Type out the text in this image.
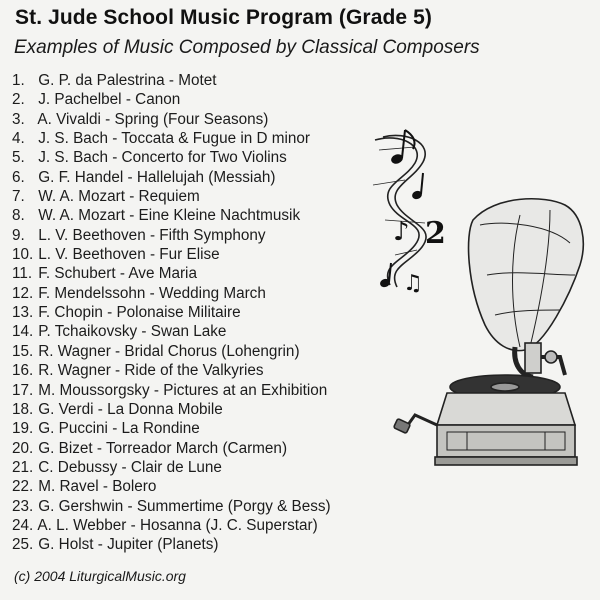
St. Jude School Music Program (Grade 5)
Examples of Music Composed by Classical Composers
1. G. P. da Palestrina - Motet
2. J. Pachelbel - Canon
3. A. Vivaldi - Spring (Four Seasons)
4. J. S. Bach - Toccata & Fugue in D minor
5. J. S. Bach - Concerto for Two Violins
6. G. F. Handel - Hallelujah (Messiah)
7. W. A. Mozart - Requiem
8. W. A. Mozart - Eine Kleine Nachtmusik
9. L. V. Beethoven - Fifth Symphony
10. L. V. Beethoven - Fur Elise
11. F. Schubert - Ave Maria
12. F. Mendelssohn - Wedding March
13. F. Chopin - Polonaise Militaire
14. P. Tchaikovsky - Swan Lake
15. R. Wagner - Bridal Chorus (Lohengrin)
16. R. Wagner - Ride of the Valkyries
17. M. Moussorgsky - Pictures at an Exhibition
18. G. Verdi - La Donna Mobile
19. G. Puccini - La Rondine
20. G. Bizet - Torreador March (Carmen)
21. C. Debussy - Clair de Lune
22. M. Ravel - Bolero
23. G. Gershwin - Summertime (Porgy & Bess)
24. A. L. Webber - Hosanna (J. C. Superstar)
25. G. Holst - Jupiter (Planets)
2
♪
♫
(c) 2004 LiturgicalMusic.org
